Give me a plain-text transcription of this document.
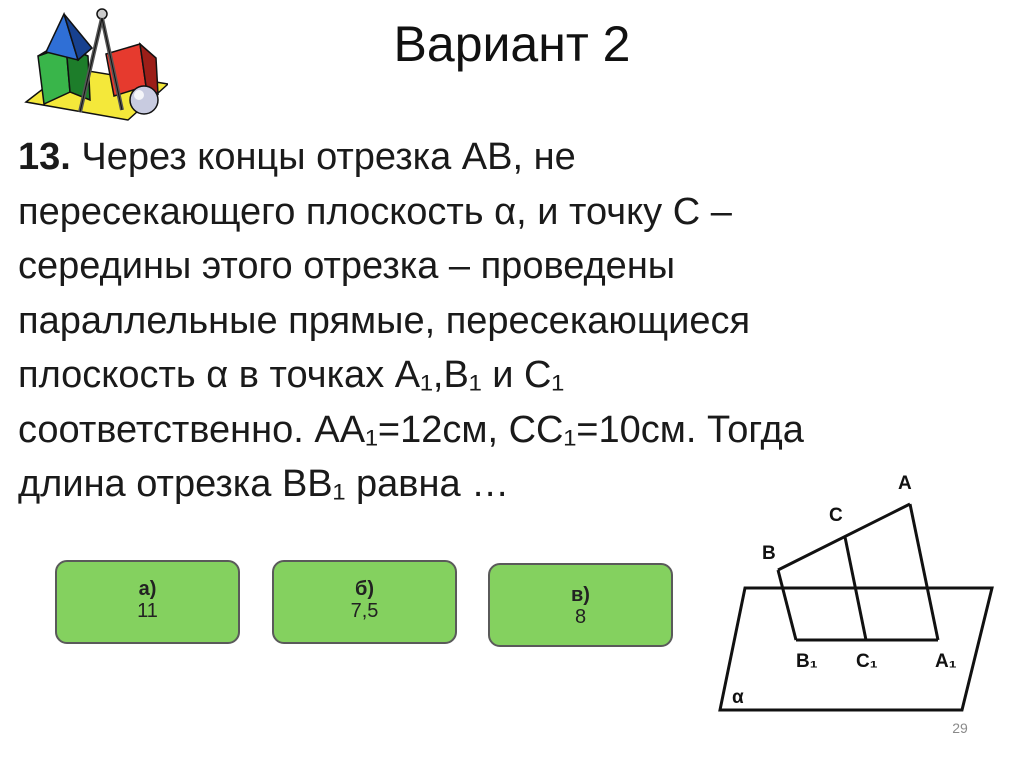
Вариант 2
13. Через концы отрезка АВ, не
пересекающего плоскость α, и точку С –
середины этого отрезка – проведены
параллельные прямые, пересекающиеся
плоскость α в точках А₁,В₁ и С₁
соответственно. АА₁=12см, СС₁=10см. Тогда
длина отрезка ВВ₁ равна …
а)
11
б)
7,5
в)
8
A
C
B
B₁ C₁	A₁
α
29
